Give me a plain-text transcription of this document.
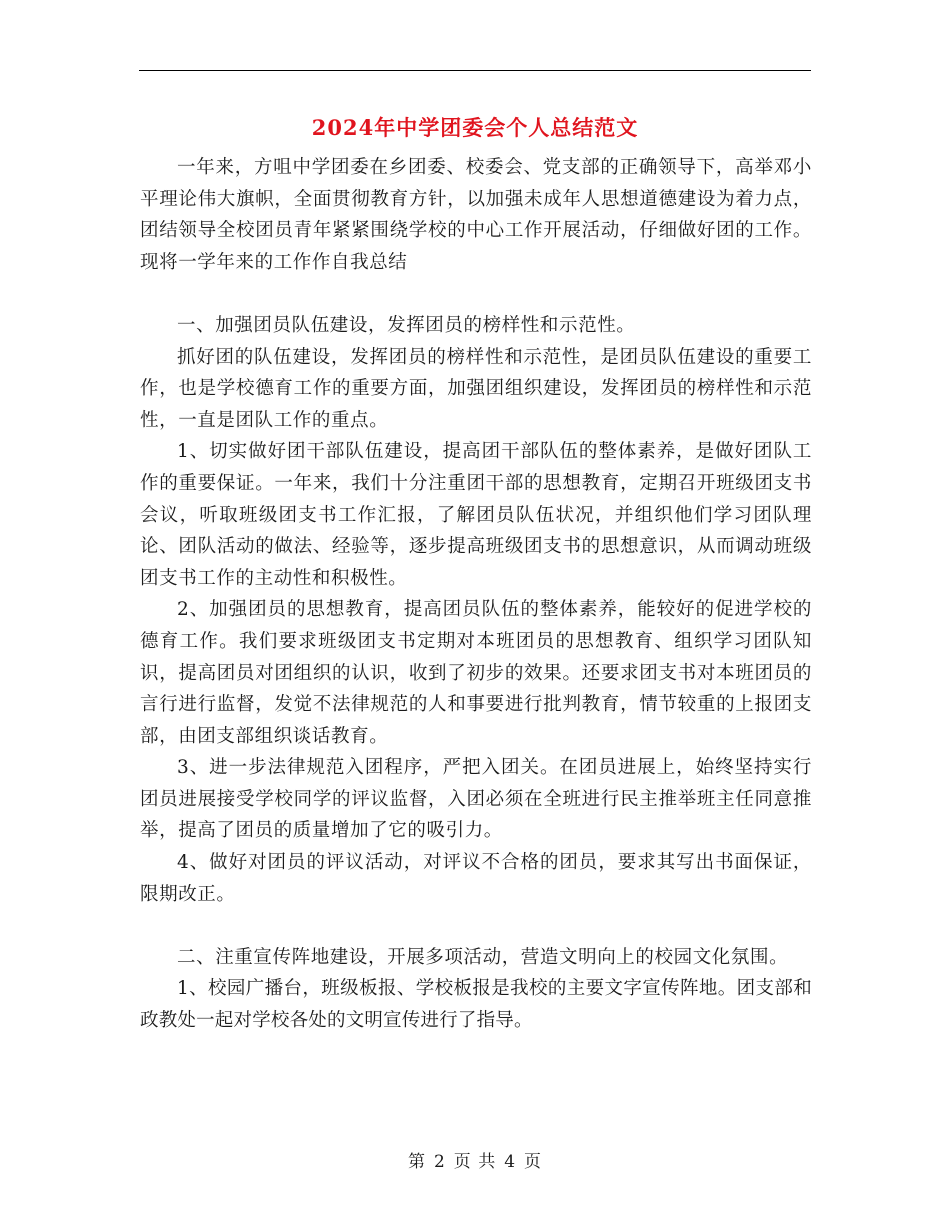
2024年中学团委会个人总结范文

一年来，方咀中学团委在乡团委、校委会、党支部的正确领导下，高举邓小平理论伟大旗帜，全面贯彻教育方针，以加强未成年人思想道德建设为着力点，团结领导全校团员青年紧紧围绕学校的中心工作开展活动，仔细做好团的工作。现将一学年来的工作作自我总结

一、加强团员队伍建设，发挥团员的榜样性和示范性。

抓好团的队伍建设，发挥团员的榜样性和示范性，是团员队伍建设的重要工作，也是学校德育工作的重要方面，加强团组织建设，发挥团员的榜样性和示范性，一直是团队工作的重点。

1、切实做好团干部队伍建设，提高团干部队伍的整体素养，是做好团队工作的重要保证。一年来，我们十分注重团干部的思想教育，定期召开班级团支书会议，听取班级团支书工作汇报，了解团员队伍状况，并组织他们学习团队理论、团队活动的做法、经验等，逐步提高班级团支书的思想意识，从而调动班级团支书工作的主动性和积极性。

2、加强团员的思想教育，提高团员队伍的整体素养，能较好的促进学校的德育工作。我们要求班级团支书定期对本班团员的思想教育、组织学习团队知识，提高团员对团组织的认识，收到了初步的效果。还要求团支书对本班团员的言行进行监督，发觉不法律规范的人和事要进行批判教育，情节较重的上报团支部，由团支部组织谈话教育。

3、进一步法律规范入团程序，严把入团关。在团员进展上，始终坚持实行团员进展接受学校同学的评议监督，入团必须在全班进行民主推举班主任同意推举，提高了团员的质量增加了它的吸引力。

4、做好对团员的评议活动，对评议不合格的团员，要求其写出书面保证，限期改正。

二、注重宣传阵地建设，开展多项活动，营造文明向上的校园文化氛围。

1、校园广播台，班级板报、学校板报是我校的主要文字宣传阵地。团支部和政教处一起对学校各处的文明宣传进行了指导。

第 2 页 共 4 页
